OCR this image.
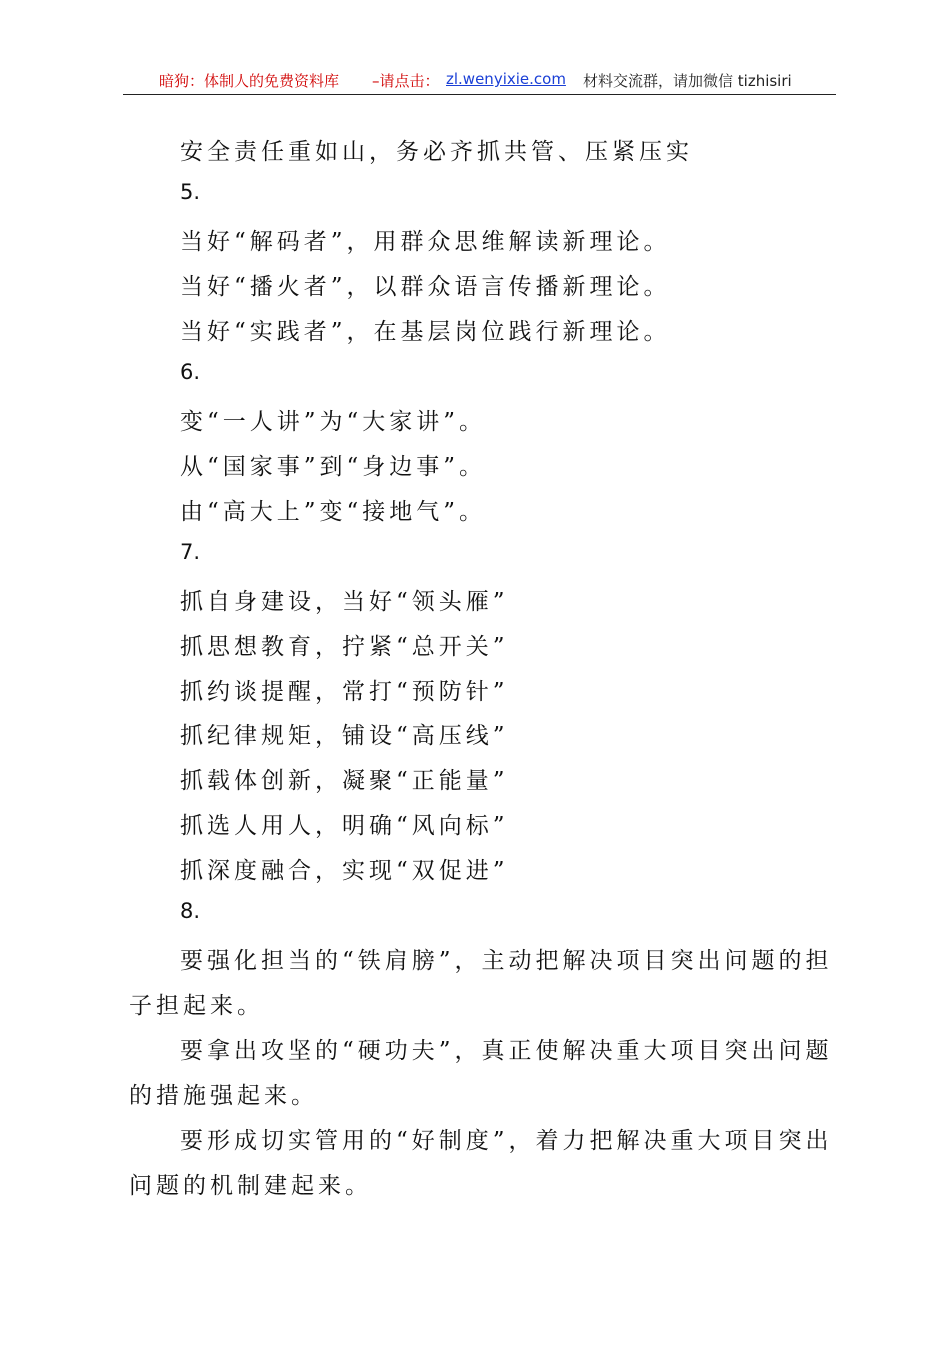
暗狗：体制人的免费资料库 –请点击： zl.wenyixie.com 材料交流群，请加微信 tizhisiri
安全责任重如山，务必齐抓共管、压紧压实
5.
当好“解码者”，用群众思维解读新理论。
当好“播火者”，以群众语言传播新理论。
当好“实践者”，在基层岗位践行新理论。
6.
变“一人讲”为“大家讲”。
从“国家事”到“身边事”。
由“高大上”变“接地气”。
7.
抓自身建设，当好“领头雁”
抓思想教育，拧紧“总开关”
抓约谈提醒，常打“预防针”
抓纪律规矩，铺设“高压线”
抓载体创新，凝聚“正能量”
抓选人用人，明确“风向标”
抓深度融合，实现“双促进”
8.
要强化担当的“铁肩膀”，主动把解决项目突出问题的担
子担起来。
要拿出攻坚的“硬功夫”，真正使解决重大项目突出问题
的措施强起来。
要形成切实管用的“好制度”，着力把解决重大项目突出
问题的机制建起来。
